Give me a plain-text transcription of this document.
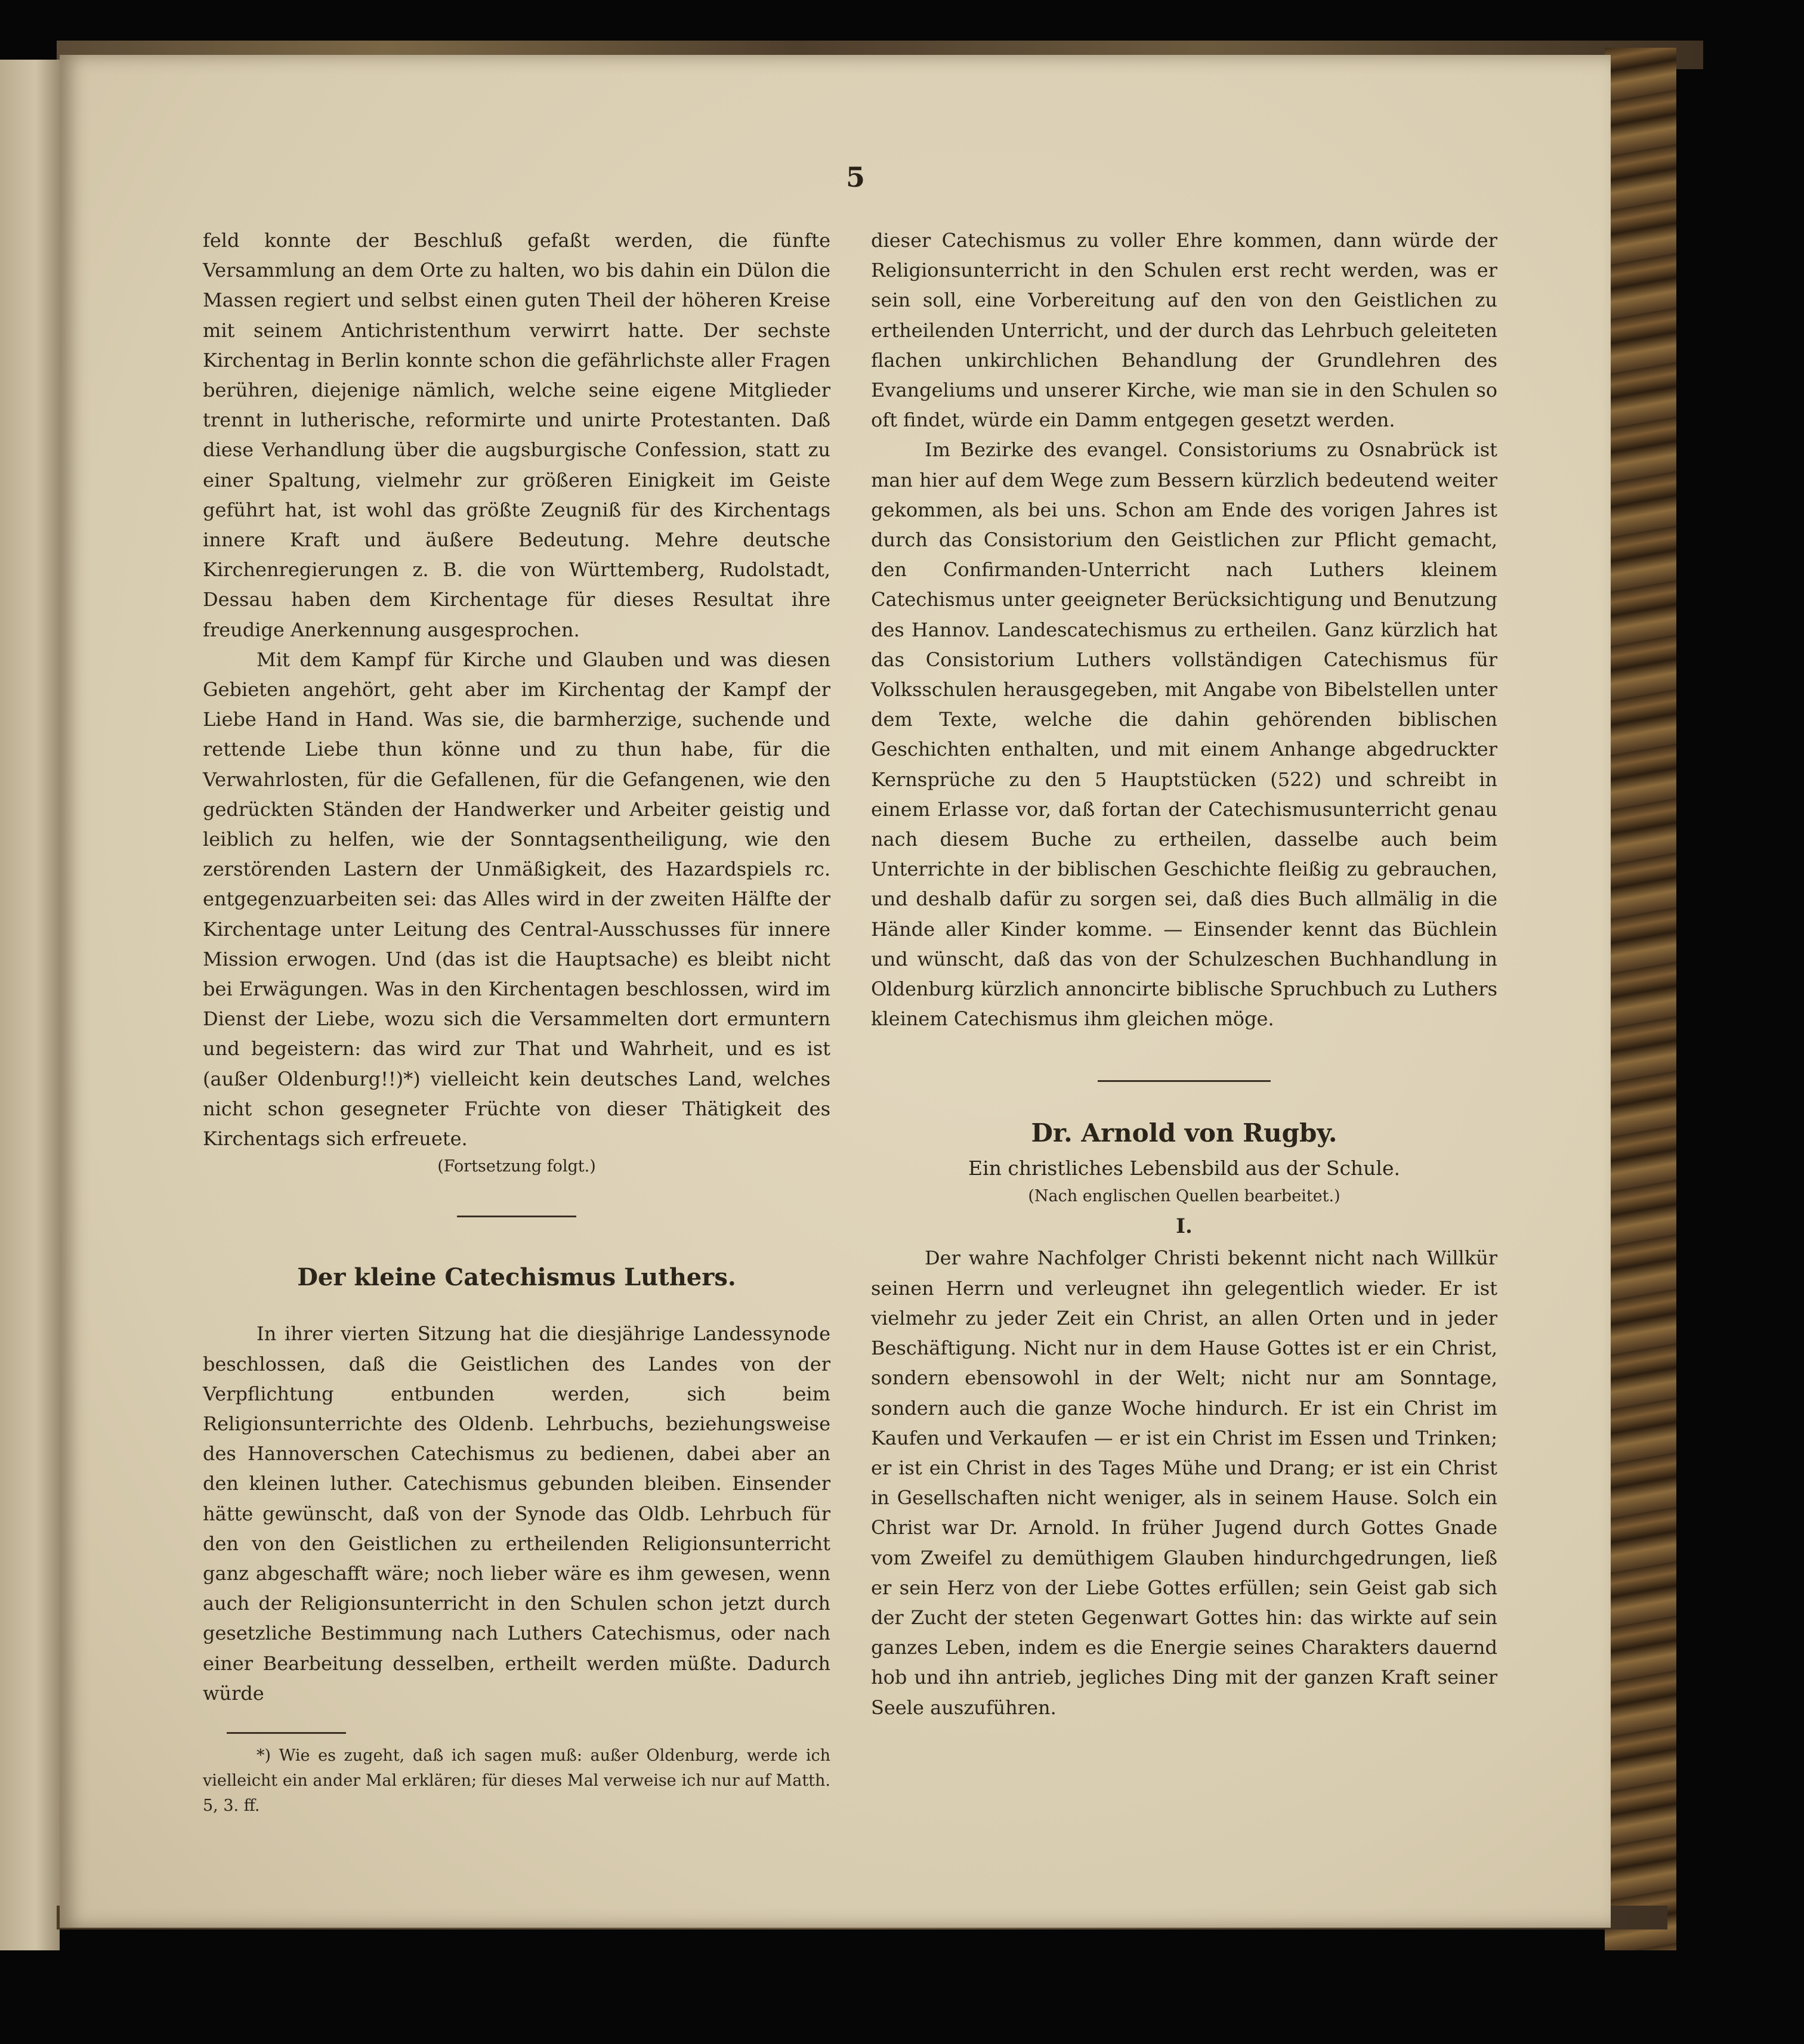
5

feld konnte der Beschluß gefaßt werden, die fünfte Versammlung an dem Orte zu halten, wo bis dahin ein Dülon die Massen regiert und selbst einen guten Theil der höheren Kreise mit seinem Antichristenthum verwirrt hatte. Der sechste Kirchentag in Berlin konnte schon die gefährlichste aller Fragen berühren, diejenige nämlich, welche seine eigene Mitglieder trennt in lutherische, reformirte und unirte Protestanten. Daß diese Verhandlung über die augsburgische Confession, statt zu einer Spaltung, vielmehr zur größeren Einigkeit im Geiste geführt hat, ist wohl das größte Zeugniß für des Kirchentags innere Kraft und äußere Bedeutung. Mehre deutsche Kirchenregierungen z. B. die von Württemberg, Rudolstadt, Dessau haben dem Kirchentage für dieses Resultat ihre freudige Anerkennung ausgesprochen.

Mit dem Kampf für Kirche und Glauben und was diesen Gebieten angehört, geht aber im Kirchentag der Kampf der Liebe Hand in Hand. Was sie, die barmherzige, suchende und rettende Liebe thun könne und zu thun habe, für die Verwahrlosten, für die Gefallenen, für die Gefangenen, wie den gedrückten Ständen der Handwerker und Arbeiter geistig und leiblich zu helfen, wie der Sonntagsentheiligung, wie den zerstörenden Lastern der Unmäßigkeit, des Hazardspiels rc. entgegenzuarbeiten sei: das Alles wird in der zweiten Hälfte der Kirchentage unter Leitung des Central-Ausschusses für innere Mission erwogen. Und (das ist die Hauptsache) es bleibt nicht bei Erwägungen. Was in den Kirchentagen beschlossen, wird im Dienst der Liebe, wozu sich die Versammelten dort ermuntern und begeistern: das wird zur That und Wahrheit, und es ist (außer Oldenburg!!)*) vielleicht kein deutsches Land, welches nicht schon gesegneter Früchte von dieser Thätigkeit des Kirchentags sich erfreuete.

(Fortsetzung folgt.)

Der kleine Catechismus Luthers.

In ihrer vierten Sitzung hat die diesjährige Landessynode beschlossen, daß die Geistlichen des Landes von der Verpflichtung entbunden werden, sich beim Religionsunterrichte des Oldenb. Lehrbuchs, beziehungsweise des Hannoverschen Catechismus zu bedienen, dabei aber an den kleinen luther. Catechismus gebunden bleiben. Einsender hätte gewünscht, daß von der Synode das Oldb. Lehrbuch für den von den Geistlichen zu ertheilenden Religionsunterricht ganz abgeschafft wäre; noch lieber wäre es ihm gewesen, wenn auch der Religionsunterricht in den Schulen schon jetzt durch gesetzliche Bestimmung nach Luthers Catechismus, oder nach einer Bearbeitung desselben, ertheilt werden müßte. Dadurch würde

*) Wie es zugeht, daß ich sagen muß: außer Oldenburg, werde ich vielleicht ein ander Mal erklären; für dieses Mal verweise ich nur auf Matth. 5, 3. ff.

dieser Catechismus zu voller Ehre kommen, dann würde der Religionsunterricht in den Schulen erst recht werden, was er sein soll, eine Vorbereitung auf den von den Geistlichen zu ertheilenden Unterricht, und der durch das Lehrbuch geleiteten flachen unkirchlichen Behandlung der Grundlehren des Evangeliums und unserer Kirche, wie man sie in den Schulen so oft findet, würde ein Damm entgegen gesetzt werden.

Im Bezirke des evangel. Consistoriums zu Osnabrück ist man hier auf dem Wege zum Bessern kürzlich bedeutend weiter gekommen, als bei uns. Schon am Ende des vorigen Jahres ist durch das Consistorium den Geistlichen zur Pflicht gemacht, den Confirmanden-Unterricht nach Luthers kleinem Catechismus unter geeigneter Berücksichtigung und Benutzung des Hannov. Landescatechismus zu ertheilen. Ganz kürzlich hat das Consistorium Luthers vollständigen Catechismus für Volksschulen herausgegeben, mit Angabe von Bibelstellen unter dem Texte, welche die dahin gehörenden biblischen Geschichten enthalten, und mit einem Anhange abgedruckter Kernsprüche zu den 5 Hauptstücken (522) und schreibt in einem Erlasse vor, daß fortan der Catechismusunterricht genau nach diesem Buche zu ertheilen, dasselbe auch beim Unterrichte in der biblischen Geschichte fleißig zu gebrauchen, und deshalb dafür zu sorgen sei, daß dies Buch allmälig in die Hände aller Kinder komme. — Einsender kennt das Büchlein und wünscht, daß das von der Schulzeschen Buchhandlung in Oldenburg kürzlich annoncirte biblische Spruchbuch zu Luthers kleinem Catechismus ihm gleichen möge.

Dr. Arnold von Rugby.

Ein christliches Lebensbild aus der Schule.

(Nach englischen Quellen bearbeitet.)

I.

Der wahre Nachfolger Christi bekennt nicht nach Willkür seinen Herrn und verleugnet ihn gelegentlich wieder. Er ist vielmehr zu jeder Zeit ein Christ, an allen Orten und in jeder Beschäftigung. Nicht nur in dem Hause Gottes ist er ein Christ, sondern ebensowohl in der Welt; nicht nur am Sonntage, sondern auch die ganze Woche hindurch. Er ist ein Christ im Kaufen und Verkaufen — er ist ein Christ im Essen und Trinken; er ist ein Christ in des Tages Mühe und Drang; er ist ein Christ in Gesellschaften nicht weniger, als in seinem Hause. Solch ein Christ war Dr. Arnold. In früher Jugend durch Gottes Gnade vom Zweifel zu demüthigem Glauben hindurchgedrungen, ließ er sein Herz von der Liebe Gottes erfüllen; sein Geist gab sich der Zucht der steten Gegenwart Gottes hin: das wirkte auf sein ganzes Leben, indem es die Energie seines Charakters dauernd hob und ihn antrieb, jegliches Ding mit der ganzen Kraft seiner Seele auszuführen.
